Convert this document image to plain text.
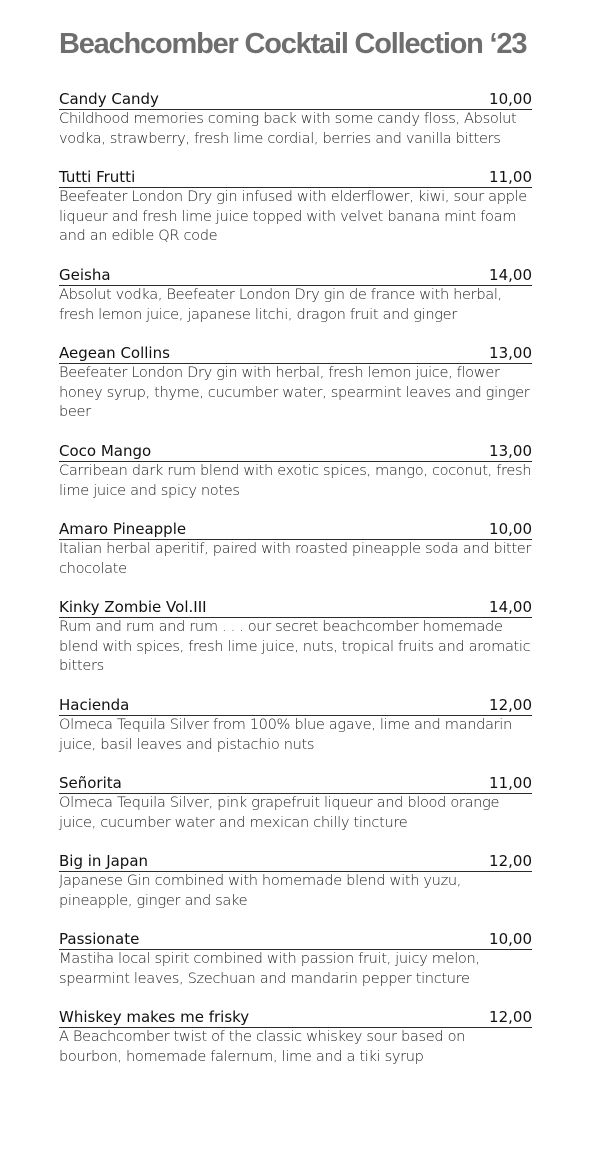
Beachcomber Cocktail Collection ‘23
Candy Candy	10,00
Childhood memories coming back with some candy floss, Absolut vodka, strawberry, fresh lime cordial, berries and vanilla bitters
Tutti Frutti	11,00
Beefeater London Dry gin infused with elderflower, kiwi, sour apple liqueur and fresh lime juice topped with velvet banana mint foam and an edible QR code
Geisha	14,00
Absolut vodka, Beefeater London Dry gin de france with herbal, fresh lemon juice, japanese litchi, dragon fruit and ginger
Aegean Collins	13,00
Beefeater London Dry gin with herbal, fresh lemon juice, flower honey syrup, thyme, cucumber water, spearmint leaves and ginger beer
Coco Mango	13,00
Carribean dark rum blend with exotic spices, mango, coconut, fresh lime juice and spicy notes
Amaro Pineapple	10,00
Italian herbal aperitif, paired with roasted pineapple soda and bitter chocolate
Kinky Zombie Vol.III	14,00
Rum and rum and rum . . . our secret beachcomber homemade blend with spices, fresh lime juice, nuts, tropical fruits and aromatic bitters
Hacienda	12,00
Olmeca Tequila Silver from 100% blue agave, lime and mandarin juice, basil leaves and pistachio nuts
Señorita	11,00
Olmeca Tequila Silver, pink grapefruit liqueur and blood orange juice, cucumber water and mexican chilly tincture
Big in Japan	12,00
Japanese Gin combined with homemade blend with yuzu, pineapple, ginger and sake
Passionate	10,00
Mastiha local spirit combined with passion fruit, juicy melon, spearmint leaves, Szechuan and mandarin pepper tincture
Whiskey makes me frisky	12,00
A Beachcomber twist of the classic whiskey sour based on bourbon, homemade falernum, lime and a tiki syrup
